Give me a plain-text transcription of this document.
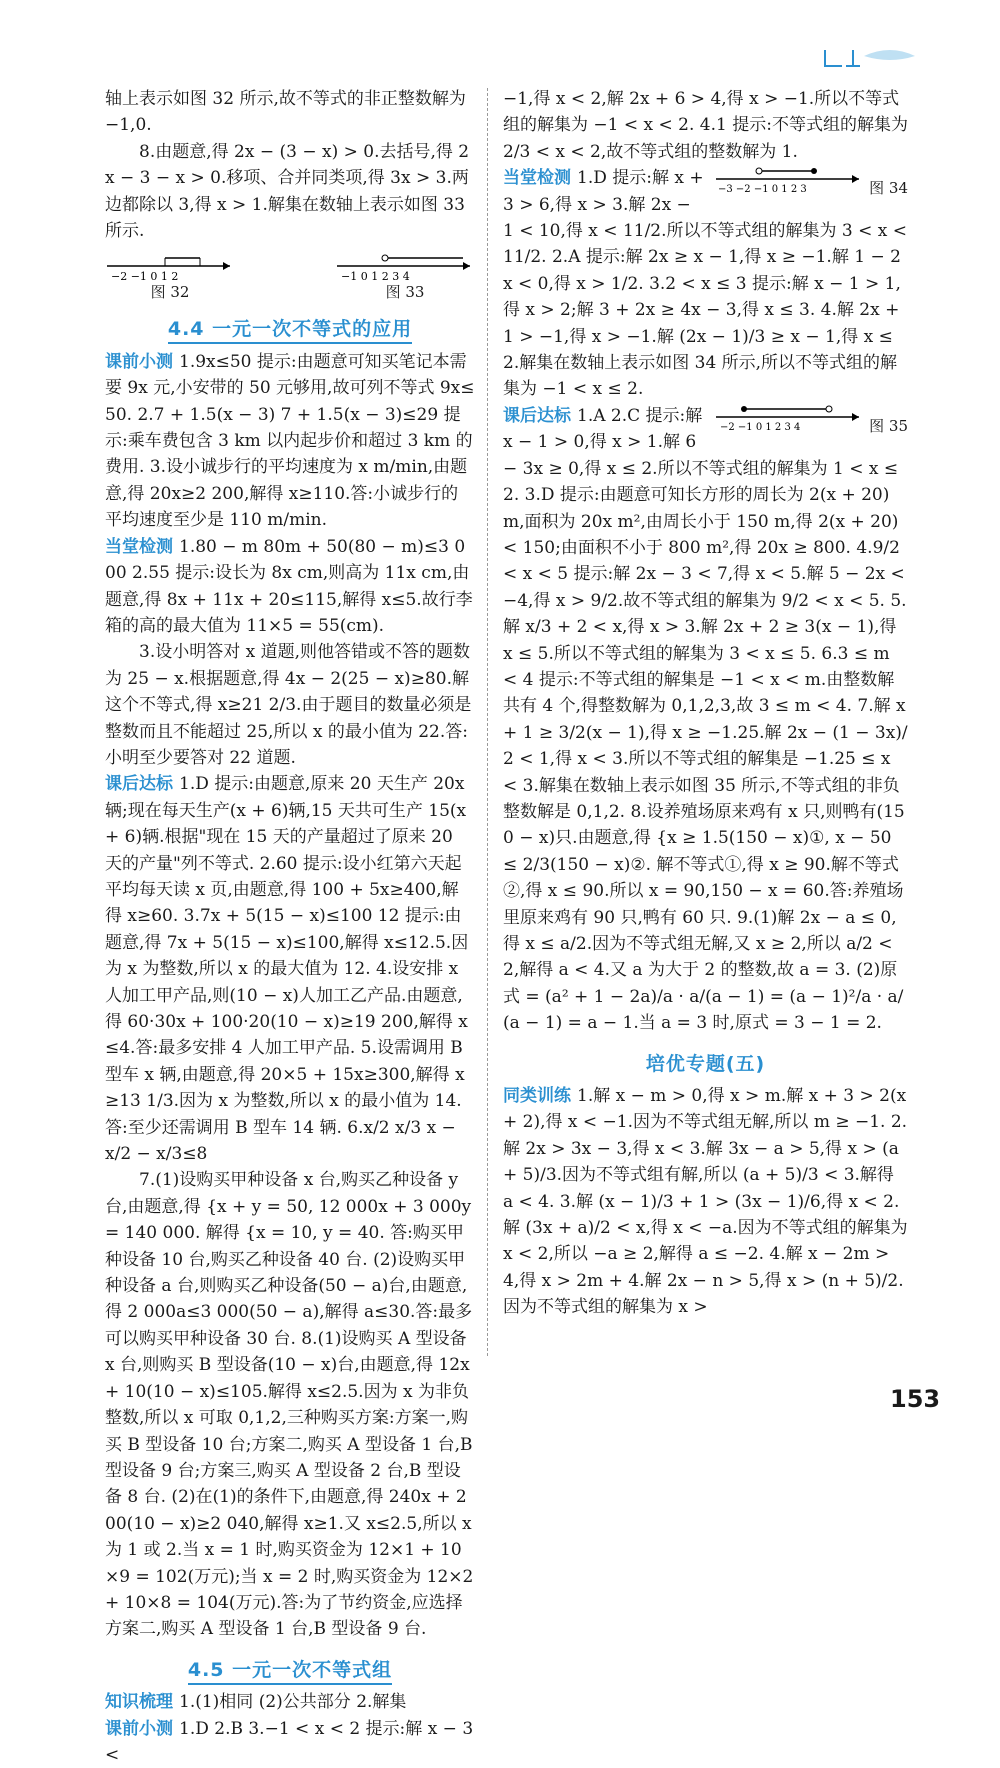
轴上表示如图 32 所示,故不等式的非正整数解为−1,0.

8.由题意,得 2x − (3 − x) > 0.去括号,得 2x − 3 − x > 0.移项、合并同类项,得 3x > 3.两边都除以 3,得 x > 1.解集在数轴上表示如图 33 所示.

−2 −1 0 1 2
图 32
−1 0 1 2 3 4
图 33
4.4 一元一次不等式的应用

课前小测 1.9x≤50 提示:由题意可知买笔记本需要 9x 元,小安带的 50 元够用,故可列不等式 9x≤50. 2.7 + 1.5(x − 3) 7 + 1.5(x − 3)≤29 提示:乘车费包含 3 km 以内起步价和超过 3 km 的费用. 3.设小诚步行的平均速度为 x m/min,由题意,得 20x≥2 200,解得 x≥110.答:小诚步行的平均速度至少是 110 m/min.

当堂检测 1.80 − m 80m + 50(80 − m)≤3 000 2.55 提示:设长为 8x cm,则高为 11x cm,由题意,得 8x + 11x + 20≤115,解得 x≤5.故行李箱的高的最大值为 11×5 = 55(cm).

3.设小明答对 x 道题,则他答错或不答的题数为 25 − x.根据题意,得 4x − 2(25 − x)≥80.解这个不等式,得 x≥21 2/3.由于题目的数量必须是整数而且不能超过 25,所以 x 的最小值为 22.答:小明至少要答对 22 道题.

课后达标 1.D 提示:由题意,原来 20 天生产 20x 辆;现在每天生产(x + 6)辆,15 天共可生产 15(x + 6)辆.根据"现在 15 天的产量超过了原来 20 天的产量"列不等式. 2.60 提示:设小红第六天起平均每天读 x 页,由题意,得 100 + 5x≥400,解得 x≥60. 3.7x + 5(15 − x)≤100 12 提示:由题意,得 7x + 5(15 − x)≤100,解得 x≤12.5.因为 x 为整数,所以 x 的最大值为 12. 4.设安排 x 人加工甲产品,则(10 − x)人加工乙产品.由题意,得 60·30x + 100·20(10 − x)≥19 200,解得 x≤4.答:最多安排 4 人加工甲产品. 5.设需调用 B 型车 x 辆,由题意,得 20×5 + 15x≥300,解得 x≥13 1/3.因为 x 为整数,所以 x 的最小值为 14.答:至少还需调用 B 型车 14 辆. 6.x/2 x/3 x − x/2 − x/3≤8

7.(1)设购买甲种设备 x 台,购买乙种设备 y 台,由题意,得 {x + y = 50, 12 000x + 3 000y = 140 000. 解得 {x = 10, y = 40. 答:购买甲种设备 10 台,购买乙种设备 40 台. (2)设购买甲种设备 a 台,则购买乙种设备(50 − a)台,由题意,得 2 000a≤3 000(50 − a),解得 a≤30.答:最多可以购买甲种设备 30 台. 8.(1)设购买 A 型设备 x 台,则购买 B 型设备(10 − x)台,由题意,得 12x + 10(10 − x)≤105.解得 x≤2.5.因为 x 为非负整数,所以 x 可取 0,1,2,三种购买方案:方案一,购买 B 型设备 10 台;方案二,购买 A 型设备 1 台,B 型设备 9 台;方案三,购买 A 型设备 2 台,B 型设备 8 台. (2)在(1)的条件下,由题意,得 240x + 200(10 − x)≥2 040,解得 x≥1.又 x≤2.5,所以 x 为 1 或 2.当 x = 1 时,购买资金为 12×1 + 10×9 = 102(万元);当 x = 2 时,购买资金为 12×2 + 10×8 = 104(万元).答:为了节约资金,应选择方案二,购买 A 型设备 1 台,B 型设备 9 台.

4.5 一元一次不等式组

知识梳理 1.(1)相同 (2)公共部分 2.解集

课前小测 1.D 2.B 3.−1 < x < 2 提示:解 x − 3 <

−1,得 x < 2,解 2x + 6 > 4,得 x > −1.所以不等式组的解集为 −1 < x < 2. 4.1 提示:不等式组的解集为 2/3 < x < 2,故不等式组的整数解为 1.

−3 −2 −1 0 1 2 3	图 34

当堂检测 1.D 提示:解 x + 3 > 6,得 x > 3.解 2x − 1 < 10,得 x < 11/2.所以不等式组的解集为 3 < x < 11/2. 2.A 提示:解 2x ≥ x − 1,得 x ≥ −1.解 1 − 2x < 0,得 x > 1/2. 3.2 < x ≤ 3 提示:解 x − 1 > 1,得 x > 2;解 3 + 2x ≥ 4x − 3,得 x ≤ 3. 4.解 2x + 1 > −1,得 x > −1.解 (2x − 1)/3 ≥ x − 1,得 x ≤ 2.解集在数轴上表示如图 34 所示,所以不等式组的解集为 −1 < x ≤ 2.

−2 −1 0 1 2 3 4	图 35

课后达标 1.A 2.C 提示:解 x − 1 > 0,得 x > 1.解 6 − 3x ≥ 0,得 x ≤ 2.所以不等式组的解集为 1 < x ≤ 2. 3.D 提示:由题意可知长方形的周长为 2(x + 20) m,面积为 20x m²,由周长小于 150 m,得 2(x + 20) < 150;由面积不小于 800 m²,得 20x ≥ 800. 4.9/2 < x < 5 提示:解 2x − 3 < 7,得 x < 5.解 5 − 2x < −4,得 x > 9/2.故不等式组的解集为 9/2 < x < 5. 5.解 x/3 + 2 < x,得 x > 3.解 2x + 2 ≥ 3(x − 1),得 x ≤ 5.所以不等式组的解集为 3 < x ≤ 5. 6.3 ≤ m < 4 提示:不等式组的解集是 −1 < x < m.由整数解共有 4 个,得整数解为 0,1,2,3,故 3 ≤ m < 4. 7.解 x + 1 ≥ 3/2(x − 1),得 x ≥ −1.25.解 2x − (1 − 3x)/2 < 1,得 x < 3.所以不等式组的解集是 −1.25 ≤ x < 3.解集在数轴上表示如图 35 所示,不等式组的非负整数解是 0,1,2. 8.设养殖场原来鸡有 x 只,则鸭有(150 − x)只.由题意,得 {x ≥ 1.5(150 − x)①, x − 50 ≤ 2/3(150 − x)②. 解不等式①,得 x ≥ 90.解不等式②,得 x ≤ 90.所以 x = 90,150 − x = 60.答:养殖场里原来鸡有 90 只,鸭有 60 只. 9.(1)解 2x − a ≤ 0,得 x ≤ a/2.因为不等式组无解,又 x ≥ 2,所以 a/2 < 2,解得 a < 4.又 a 为大于 2 的整数,故 a = 3. (2)原式 = (a² + 1 − 2a)/a · a/(a − 1) = (a − 1)²/a · a/(a − 1) = a − 1.当 a = 3 时,原式 = 3 − 1 = 2.

培优专题(五)

同类训练 1.解 x − m > 0,得 x > m.解 x + 3 > 2(x + 2),得 x < −1.因为不等式组无解,所以 m ≥ −1. 2.解 2x > 3x − 3,得 x < 3.解 3x − a > 5,得 x > (a + 5)/3.因为不等式组有解,所以 (a + 5)/3 < 3.解得 a < 4. 3.解 (x − 1)/3 + 1 > (3x − 1)/6,得 x < 2.解 (3x + a)/2 < x,得 x < −a.因为不等式组的解集为 x < 2,所以 −a ≥ 2,解得 a ≤ −2. 4.解 x − 2m > 4,得 x > 2m + 4.解 2x − n > 5,得 x > (n + 5)/2.因为不等式组的解集为 x >

153
